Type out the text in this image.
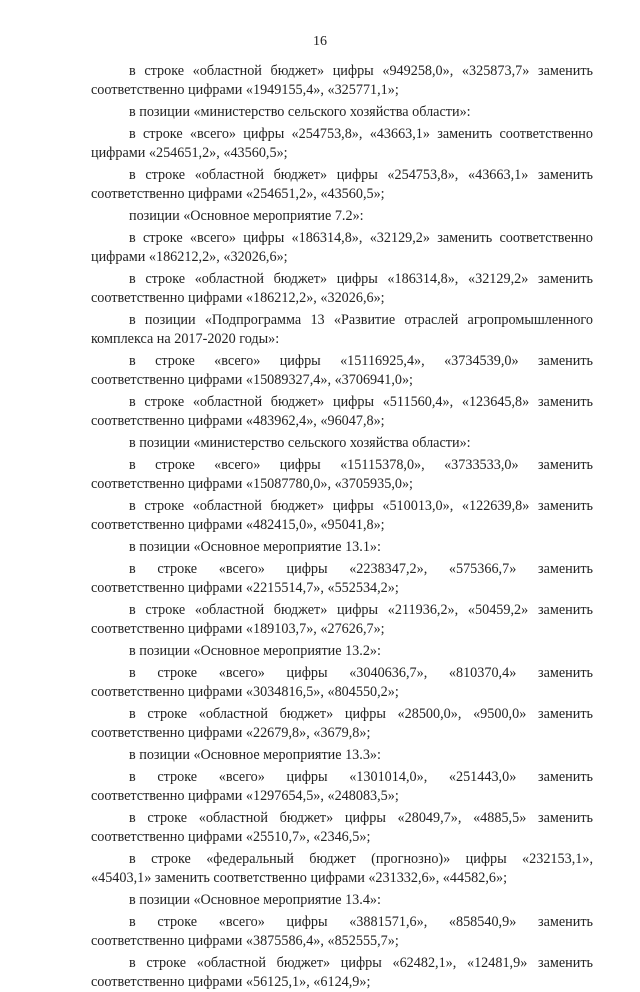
16
в строке «областной бюджет» цифры «949258,0», «325873,7» заменить
соответственно цифрами «1949155,4», «325771,1»;
в позиции «министерство сельского хозяйства области»:
в строке «всего» цифры «254753,8», «43663,1» заменить соответственно
цифрами «254651,2», «43560,5»;
в строке «областной бюджет» цифры «254753,8», «43663,1» заменить
соответственно цифрами «254651,2», «43560,5»;
позиции «Основное мероприятие 7.2»:
в строке «всего» цифры «186314,8», «32129,2» заменить соответственно
цифрами «186212,2», «32026,6»;
в строке «областной бюджет» цифры «186314,8», «32129,2» заменить
соответственно цифрами «186212,2», «32026,6»;
в позиции «Подпрограмма 13 «Развитие отраслей агропромышленного
комплекса на 2017-2020 годы»:
в строке «всего» цифры «15116925,4», «3734539,0» заменить
соответственно цифрами «15089327,4», «3706941,0»;
в строке «областной бюджет» цифры «511560,4», «123645,8» заменить
соответственно цифрами «483962,4», «96047,8»;
в позиции «министерство сельского хозяйства области»:
в строке «всего» цифры «15115378,0», «3733533,0» заменить
соответственно цифрами «15087780,0», «3705935,0»;
в строке «областной бюджет» цифры «510013,0», «122639,8» заменить
соответственно цифрами «482415,0», «95041,8»;
в позиции «Основное мероприятие 13.1»:
в строке «всего» цифры «2238347,2», «575366,7» заменить
соответственно цифрами «2215514,7», «552534,2»;
в строке «областной бюджет» цифры «211936,2», «50459,2» заменить
соответственно цифрами «189103,7», «27626,7»;
в позиции «Основное мероприятие 13.2»:
в строке «всего» цифры «3040636,7», «810370,4» заменить
соответственно цифрами «3034816,5», «804550,2»;
в строке «областной бюджет» цифры «28500,0», «9500,0» заменить
соответственно цифрами «22679,8», «3679,8»;
в позиции «Основное мероприятие 13.3»:
в строке «всего» цифры «1301014,0», «251443,0» заменить
соответственно цифрами «1297654,5», «248083,5»;
в строке «областной бюджет» цифры «28049,7», «4885,5» заменить
соответственно цифрами «25510,7», «2346,5»;
в строке «федеральный бюджет (прогнозно)» цифры «232153,1»,
«45403,1» заменить соответственно цифрами «231332,6», «44582,6»;
в позиции «Основное мероприятие 13.4»:
в строке «всего» цифры «3881571,6», «858540,9» заменить
соответственно цифрами «3875586,4», «852555,7»;
в строке «областной бюджет» цифры «62482,1», «12481,9» заменить
соответственно цифрами «56125,1», «6124,9»;
